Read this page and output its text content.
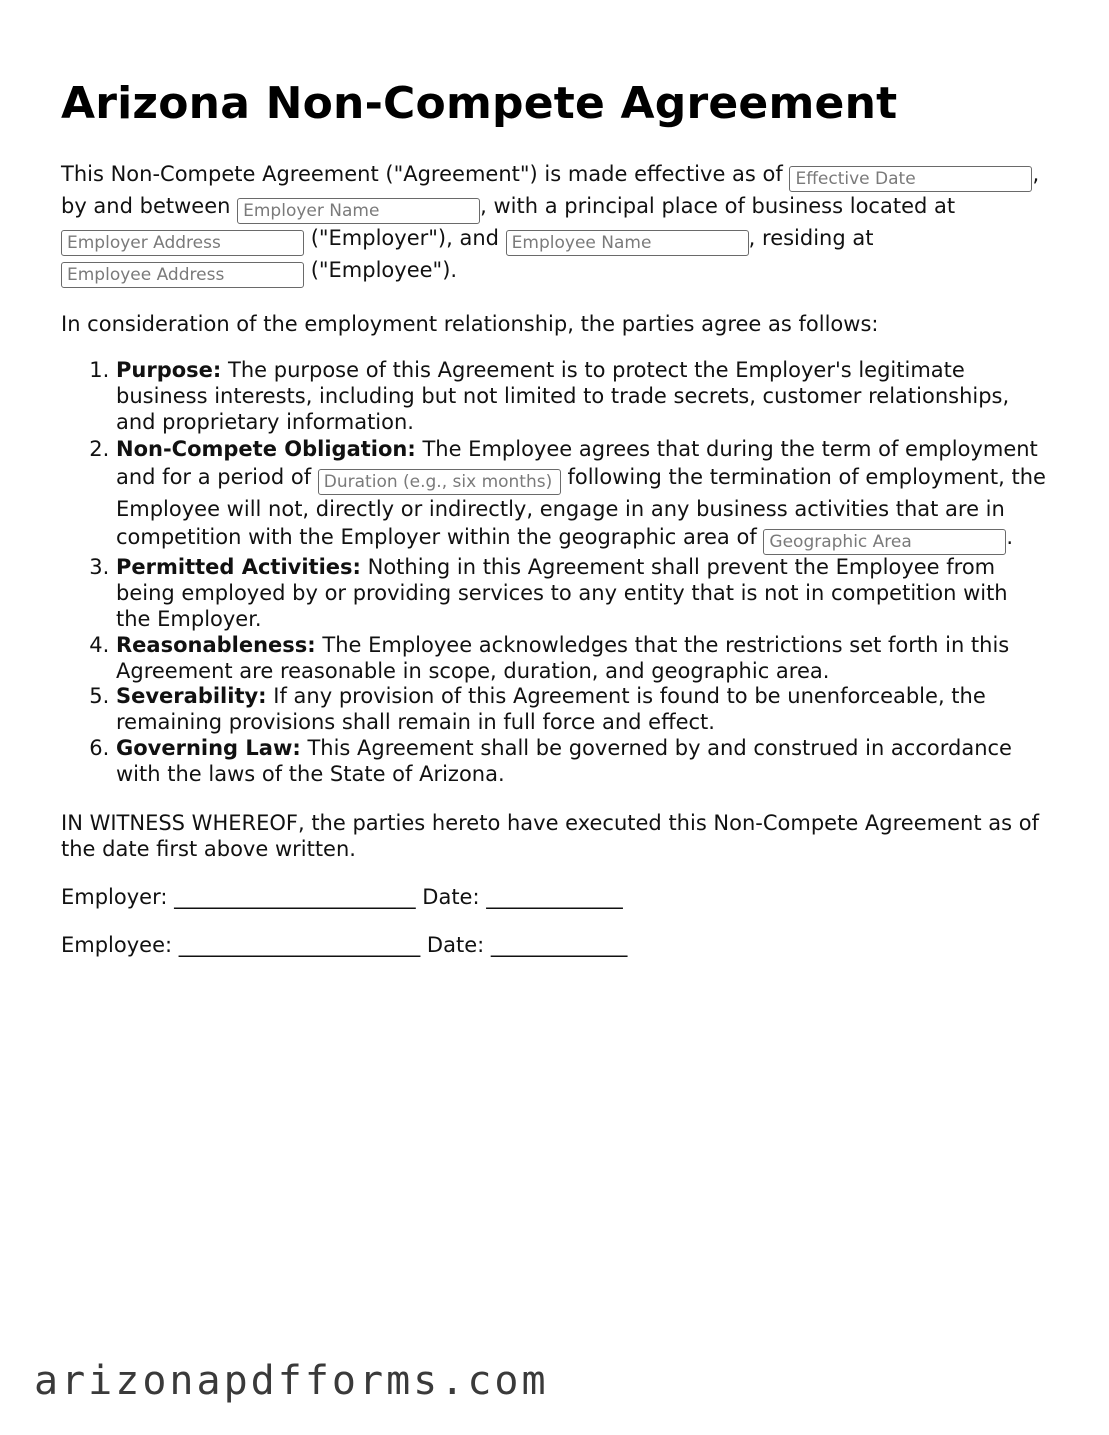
Arizona Non-Compete Agreement

This Non-Compete Agreement ("Agreement") is made effective as of Effective Date	, by and between Employer Name	, with a principal place of business located at Employer Address ("Employer"), and Employee Name	, residing at Employee Address ("Employee").

In consideration of the employment relationship, the parties agree as follows:

1. Purpose: The purpose of this Agreement is to protect the Employer's legitimate business interests, including but not limited to trade secrets, customer relationships, and proprietary information.
2. Non-Compete Obligation: The Employee agrees that during the term of employment and for a period of Duration (e.g., six months)	following the termination of employment, the Employee will not, directly or indirectly, engage in any business activities that are in competition with the Employer within the geographic area of Geographic Area	.
3. Permitted Activities: Nothing in this Agreement shall prevent the Employee from being employed by or providing services to any entity that is not in competition with the Employer.
4. Reasonableness: The Employee acknowledges that the restrictions set forth in this Agreement are reasonable in scope, duration, and geographic area.
5. Severability: If any provision of this Agreement is found to be unenforceable, the remaining provisions shall remain in full force and effect.
6. Governing Law: This Agreement shall be governed by and construed in accordance with the laws of the State of Arizona.

IN WITNESS WHEREOF, the parties hereto have executed this Non-Compete Agreement as of the date first above written.

Employer: _______________________ Date: _____________

Employee: _______________________ Date: _____________

arizonapdfforms.com
